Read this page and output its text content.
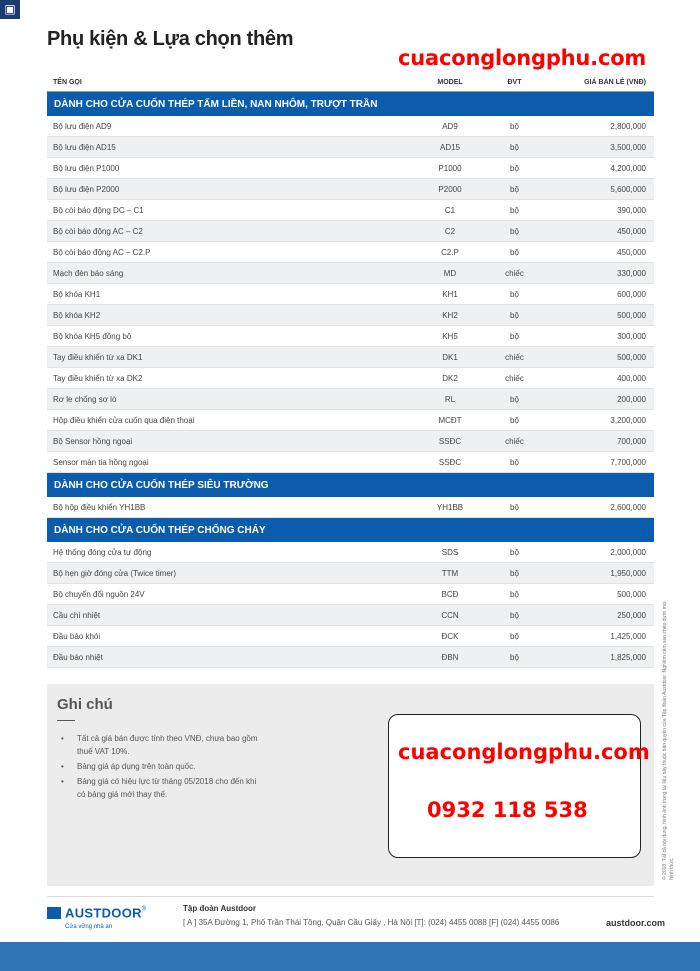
▣
Phụ kiện & Lựa chọn thêm
cuaconglongphu.com
TÊN GỌI	MODEL	ĐVT	GIÁ BÁN LẺ (VNĐ)
DÀNH CHO CỬA CUỐN THÉP TẤM LIỀN, NAN NHÔM, TRƯỢT TRẦN
Bộ lưu điện AD9	AD9	bộ	2,800,000
Bộ lưu điện AD15	AD15	bộ	3,500,000
Bộ lưu điện P1000	P1000	bộ	4,200,000
Bộ lưu điện P2000	P2000	bộ	5,600,000
Bộ còi báo động DC – C1	C1	bộ	390,000
Bộ còi báo động AC – C2	C2	bộ	450,000
Bộ còi báo động AC – C2.P	C2.P	bộ	450,000
Mạch đèn báo sáng	MD	chiếc	330,000
Bộ khóa KH1	KH1	bộ	600,000
Bộ khóa KH2	KH2	bộ	500,000
Bộ khóa KH5 đồng bộ	KH5	bộ	300,000
Tay điều khiển từ xa DK1	DK1	chiếc	500,000
Tay điều khiển từ xa DK2	DK2	chiếc	400,000
Rơ le chống sơ lò	RL	bộ	200,000
Hộp điều khiển cửa cuốn qua điện thoại	MCĐT	bộ	3,200,000
Bộ Sensor hồng ngoại	SSĐC	chiếc	700,000
Sensor màn tia hồng ngoại	SSĐC	bộ	7,700,000
DÀNH CHO CỬA CUỐN THÉP SIÊU TRƯỜNG
Bộ hộp điều khiển YH1BB	YH1BB	bộ	2,600,000
DÀNH CHO CỬA CUỐN THÉP CHỐNG CHÁY
Hệ thống đóng cửa tự động	SDS	bộ	2,000,000
Bộ hẹn giờ đóng cửa (Twice timer)	TTM	bộ	1,950,000
Bộ chuyển đổi nguồn 24V	BCĐ	bộ	500,000
Cầu chì nhiệt	CCN	bộ	250,000
Đầu báo khói	ĐCK	bộ	1,425,000
Đầu báo nhiệt	ĐBN	bộ	1,825,000
Ghi chú
• Tất cả giá bán được tính theo VNĐ, chưa bao gồm thuế VAT 10%.
• Bảng giá áp dụng trên toàn quốc.
• Bảng giá có hiệu lực từ tháng 05/2018 cho đến khi có bảng giá mới thay thế.
cuaconglongphu.com
0932 118 538	© 2018. Tất cả nội dung, hình ảnh trong tài liệu này thuộc bản quyền của Tập đoàn Austdoor. Nghiêm cấm sao chép dưới mọi hình thức.
AUSTDOOR®
Cửa vững nhà an
Tập đoàn Austdoor
[ A ] 35A Đường 1, Phố Trần Thái Tông, Quận Cầu Giấy , Hà Nội [T]: (024) 4455 0088 [F] (024) 4455 0086	austdoor.com
